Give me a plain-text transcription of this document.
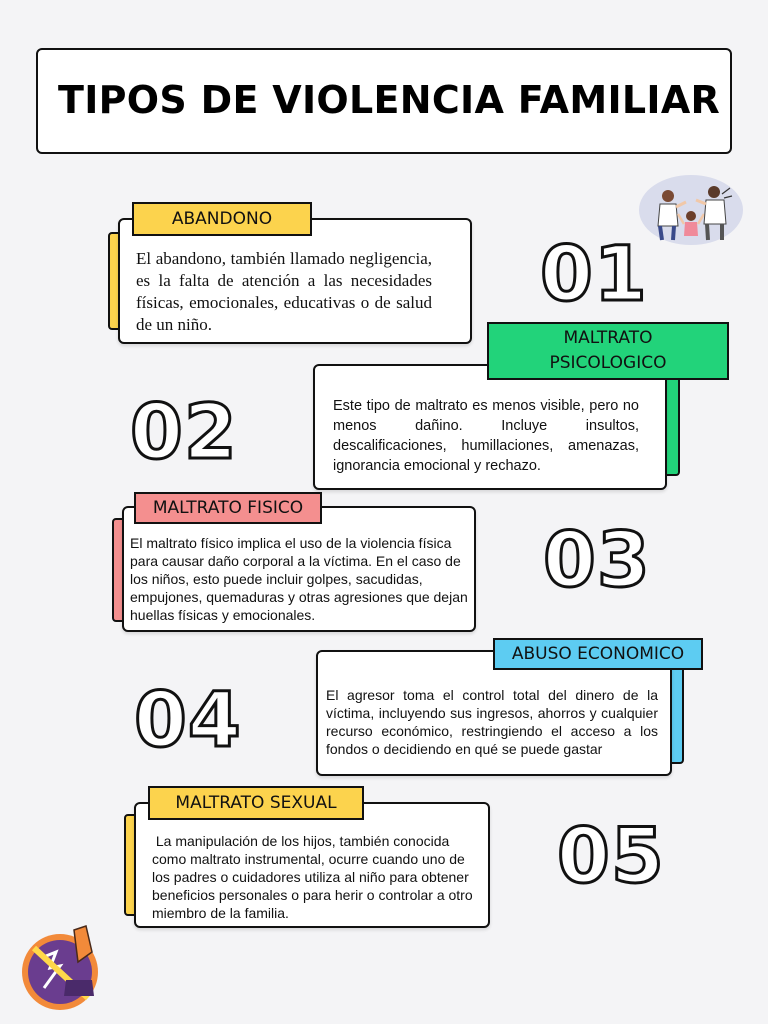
TIPOS DE VIOLENCIA FAMILIAR
El abandono, también llamado negligencia, es la falta de atención a las necesidades físicas, emocionales, educativas o de salud de un niño.
ABANDONO
01
Este tipo de maltrato es menos visible, pero no menos dañino. Incluye insultos, descalificaciones, humillaciones, amenazas, ignorancia emocional y rechazo.
MALTRATO PSICOLOGICO
02
El maltrato físico implica el uso de la violencia física para causar daño corporal a la víctima. En el caso de los niños, esto puede incluir golpes, sacudidas, empujones, quemaduras y otras agresiones que dejan huellas físicas y emocionales.
MALTRATO FISICO
03
El agresor toma el control total del dinero de la víctima, incluyendo sus ingresos, ahorros y cualquier recurso económico, restringiendo el acceso a los fondos o decidiendo en qué se puede gastar
ABUSO ECONOMICO
04
La manipulación de los hijos, también conocida como maltrato instrumental, ocurre cuando uno de los padres o cuidadores utiliza al niño para obtener beneficios personales o para herir o controlar a otro miembro de la familia.
MALTRATO SEXUAL
05
